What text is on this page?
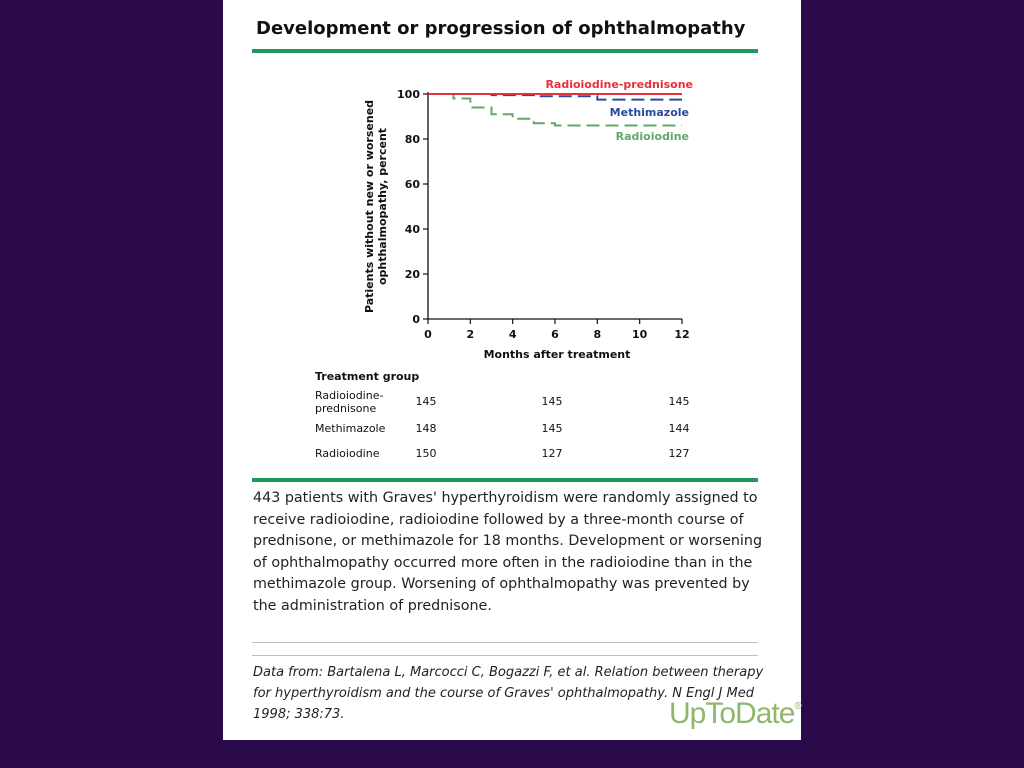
Development or progression of ophthalmopathy
0
20
40
60
80
100
0	2	4	6	8	10 12
Months after treatment
Patients without new or worsenedophthalmopathy, percent
Radioiodine-prednisone
Methimazole
Radioiodine
Treatment group
Radioiodine-
prednisone
145	145	145
Methimazole	148	145	144
Radioiodine	150	127	127
443 patients with Graves' hyperthyroidism were randomly assigned to receive radioiodine, radioiodine followed by a three-month course of prednisone, or methimazole for 18 months. Development or worsening of ophthalmopathy occurred more often in the radioiodine than in the methimazole group. Worsening of ophthalmopathy was prevented by the administration of prednisone.
Data from: Bartalena L, Marcocci C, Bogazzi F, et al. Relation between therapy for hyperthyroidism and the course of Graves' ophthalmopathy. N Engl J Med 1998; 338:73.	UpToDate®
